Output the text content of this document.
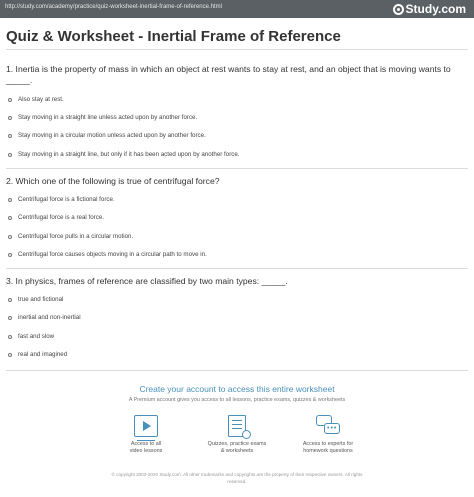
http://study.com/academy/practice/quiz-worksheet-inertial-frame-of-reference.html	Study.com
Quiz & Worksheet - Inertial Frame of Reference
1. Inertia is the property of mass in which an object at rest wants to stay at rest, and an object that is moving wants to _____.
Also stay at rest.
Stay moving in a straight line unless acted upon by another force.
Stay moving in a circular motion unless acted upon by another force.
Stay moving in a straight line, but only if it has been acted upon by another force.
2. Which one of the following is true of centrifugal force?
Centrifugal force is a fictional force.
Centrifugal force is a real force.
Centrifugal force pulls in a circular motion.
Centrifugal force causes objects moving in a circular path to move in.
3. In physics, frames of reference are classified by two main types: _____.
true and fictional
inertial and non-inertial
fast and slow
real and imagined
Create your account to access this entire worksheet
A Premium account gives you access to all lessons, practice exams, quizzes & worksheets
Access to all
video lessons
Quizzes, practice exams
& worksheets
•••
Access to experts for
homework questions
© copyright 2003-2020 Study.com. All other trademarks and copyrights are the property of their respective owners. All rights
reserved.
